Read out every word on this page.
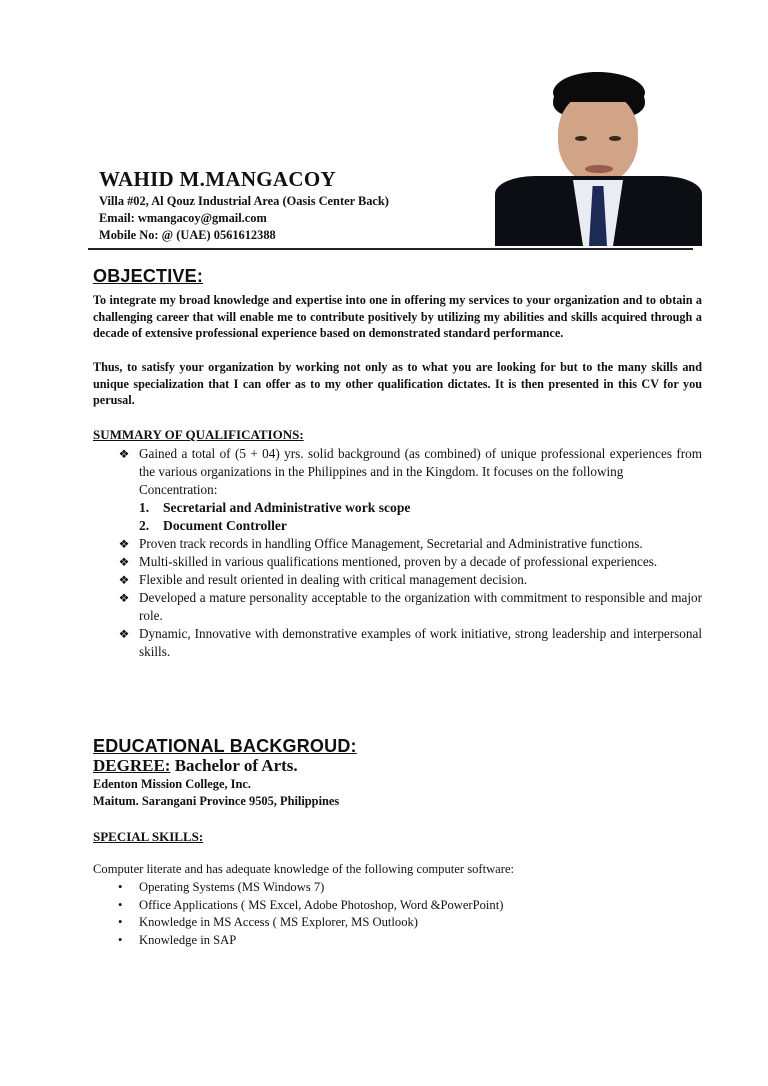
WAHID M.MANGACOY
Villa #02, Al Qouz Industrial Area (Oasis Center Back)
Email: wmangacoy@gmail.com
Mobile No: @ (UAE) 0561612388
OBJECTIVE:
To integrate my broad knowledge and expertise into one in offering my services to your organization and to obtain a challenging career that will enable me to contribute positively by utilizing my abilities and skills acquired through a decade of extensive professional experience based on demonstrated standard performance.
Thus, to satisfy your organization by working not only as to what you are looking for but to the many skills and unique specialization that I can offer as to my other qualification dictates. It is then presented in this CV for you perusal.
SUMMARY OF QUALIFICATIONS:
❖ Gained a total of (5 + 04) yrs. solid background (as combined) of unique professional experiences from the various organizations in the Philippines and in the Kingdom. It focuses on the following
Concentration:
1. Secretarial and Administrative work scope
2. Document Controller
❖ Proven track records in handling Office Management, Secretarial and Administrative functions.
❖ Multi-skilled in various qualifications mentioned, proven by a decade of professional experiences.
❖ Flexible and result oriented in dealing with critical management decision.
❖ Developed a mature personality acceptable to the organization with commitment to responsible and major role.
❖ Dynamic, Innovative with demonstrative examples of work initiative, strong leadership and interpersonal skills.
EDUCATIONAL BACKGROUD:
DEGREE: Bachelor of Arts.
Edenton Mission College, Inc.
Maitum. Sarangani Province 9505, Philippines
SPECIAL SKILLS:
Computer literate and has adequate knowledge of the following computer software:
• Operating Systems (MS Windows 7)
• Office Applications ( MS Excel, Adobe Photoshop, Word &PowerPoint)
• Knowledge in MS Access ( MS Explorer, MS Outlook)
• Knowledge in SAP
